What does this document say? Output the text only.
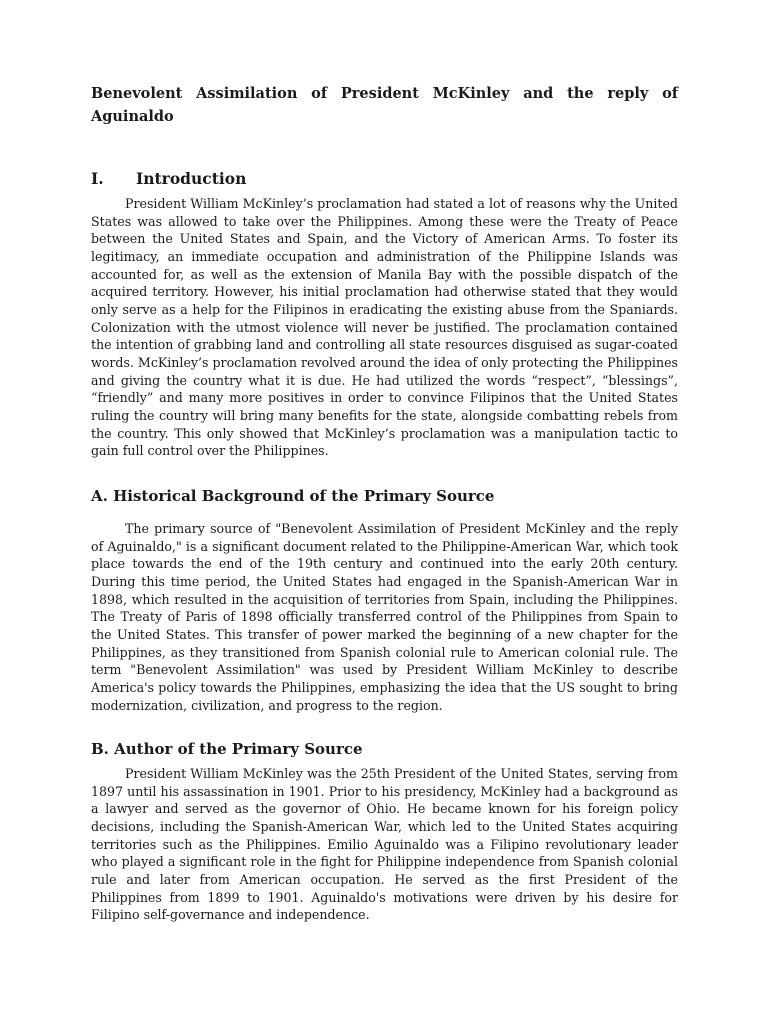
Benevolent Assimilation of President McKinley and the reply of Aguinaldo
I. Introduction

President William McKinley’s proclamation had stated a lot of reasons why the United States was allowed to take over the Philippines. Among these were the Treaty of Peace between the United States and Spain, and the Victory of American Arms. To foster its legitimacy, an immediate occupation and administration of the Philippine Islands was accounted for, as well as the extension of Manila Bay with the possible dispatch of the acquired territory. However, his initial proclamation had otherwise stated that they would only serve as a help for the Filipinos in eradicating the existing abuse from the Spaniards. Colonization with the utmost violence will never be justified. The proclamation contained the intention of grabbing land and controlling all state resources disguised as sugar-coated words. McKinley’s proclamation revolved around the idea of only protecting the Philippines and giving the country what it is due. He had utilized the words “respect”, “blessings”, “friendly” and many more positives in order to convince Filipinos that the United States ruling the country will bring many benefits for the state, alongside combatting rebels from the country. This only showed that McKinley’s proclamation was a manipulation tactic to gain full control over the Philippines.

A. Historical Background of the Primary Source

The primary source of "Benevolent Assimilation of President McKinley and the reply of Aguinaldo," is a significant document related to the Philippine-American War, which took place towards the end of the 19th century and continued into the early 20th century. During this time period, the United States had engaged in the Spanish-American War in 1898, which resulted in the acquisition of territories from Spain, including the Philippines. The Treaty of Paris of 1898 officially transferred control of the Philippines from Spain to the United States. This transfer of power marked the beginning of a new chapter for the Philippines, as they transitioned from Spanish colonial rule to American colonial rule. The term "Benevolent Assimilation" was used by President William McKinley to describe America's policy towards the Philippines, emphasizing the idea that the US sought to bring modernization, civilization, and progress to the region.

B. Author of the Primary Source

President William McKinley was the 25th President of the United States, serving from 1897 until his assassination in 1901. Prior to his presidency, McKinley had a background as a lawyer and served as the governor of Ohio. He became known for his foreign policy decisions, including the Spanish-American War, which led to the United States acquiring territories such as the Philippines. Emilio Aguinaldo was a Filipino revolutionary leader who played a significant role in the fight for Philippine independence from Spanish colonial rule and later from American occupation. He served as the first President of the Philippines from 1899 to 1901. Aguinaldo's motivations were driven by his desire for Filipino self-governance and independence.
